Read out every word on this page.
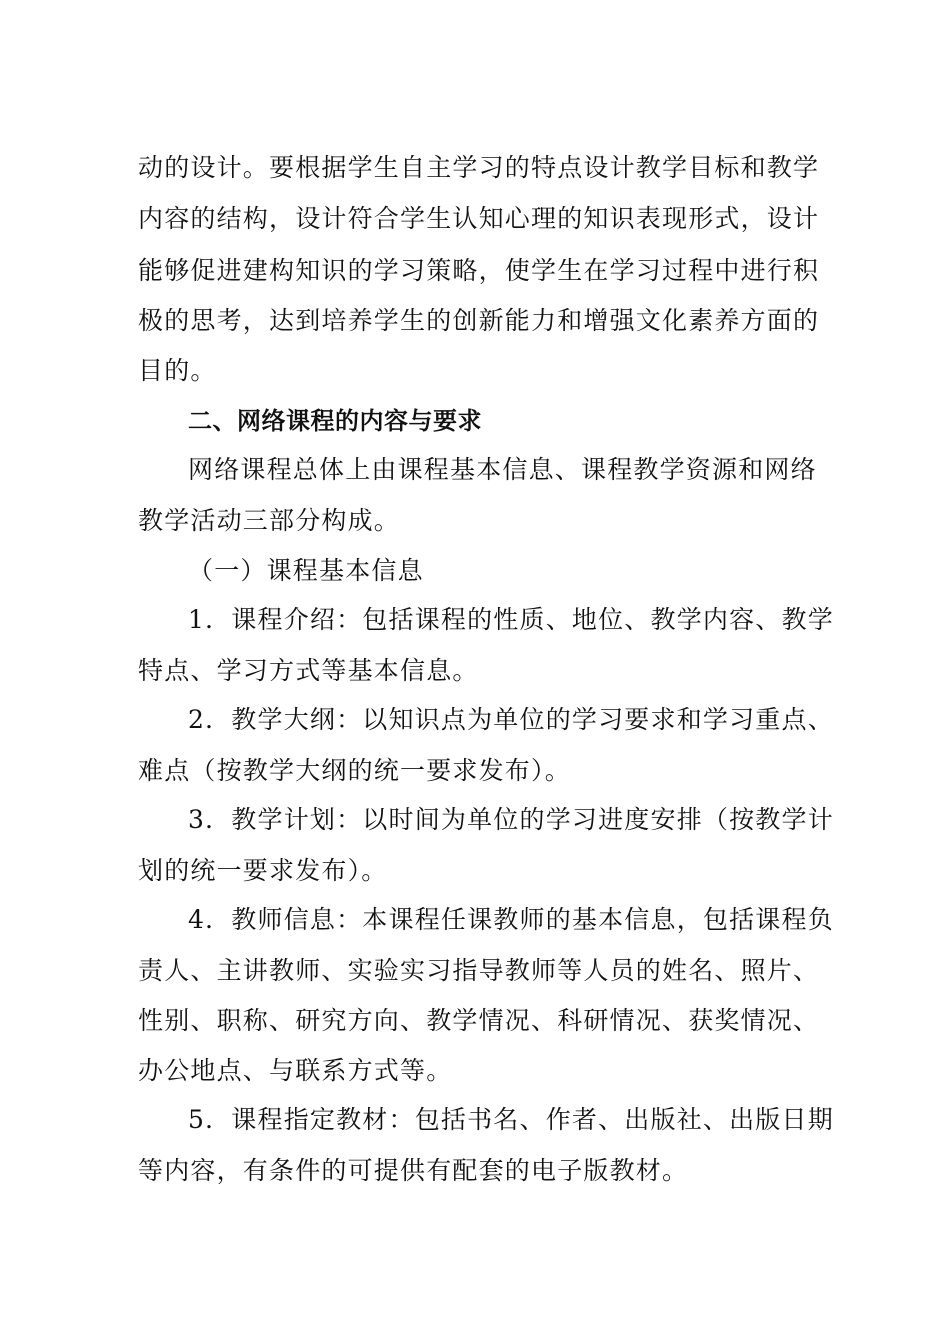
动的设计。要根据学生自主学习的特点设计教学目标和教学
内容的结构，设计符合学生认知心理的知识表现形式，设计
能够促进建构知识的学习策略，使学生在学习过程中进行积
极的思考，达到培养学生的创新能力和增强文化素养方面的
目的。
二、网络课程的内容与要求
网络课程总体上由课程基本信息、课程教学资源和网络
教学活动三部分构成。
（一）课程基本信息
1．课程介绍：包括课程的性质、地位、教学内容、教学
特点、学习方式等基本信息。
2．教学大纲：以知识点为单位的学习要求和学习重点、
难点（按教学大纲的统一要求发布）。
3．教学计划：以时间为单位的学习进度安排（按教学计
划的统一要求发布）。
4．教师信息：本课程任课教师的基本信息，包括课程负
责人、主讲教师、实验实习指导教师等人员的姓名、照片、
性别、职称、研究方向、教学情况、科研情况、获奖情况、
办公地点、与联系方式等。
5．课程指定教材：包括书名、作者、出版社、出版日期
等内容，有条件的可提供有配套的电子版教材。
